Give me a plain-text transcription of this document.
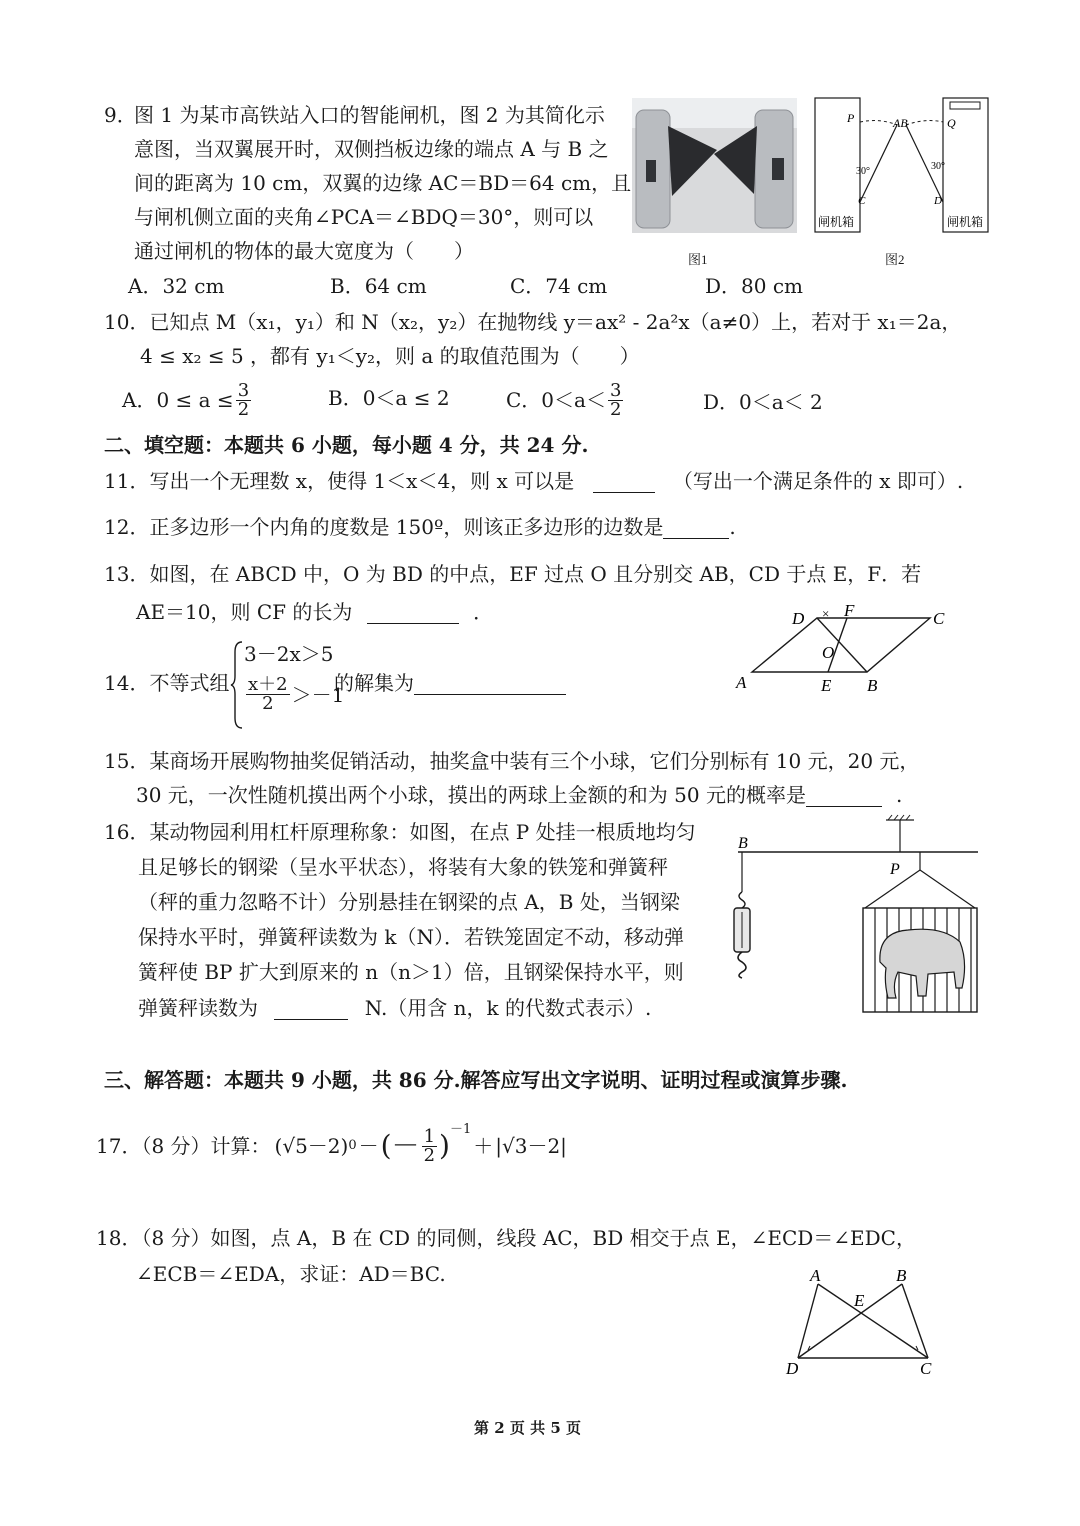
9．
图 1 为某市高铁站入口的智能闸机，图 2 为其简化示
意图，当双翼展开时，双侧挡板边缘的端点 A 与 B 之
间的距离为 10 cm，双翼的边缘 AC＝BD＝64 cm，且
与闸机侧立面的夹角∠PCA＝∠BDQ＝30°，则可以
通过闸机的物体的最大宽度为（　　）
A．32 cm	B．64 cm	C．74 cm	D．80 cm
图1
P	AB	Q
30°	30°
C	D
闸机箱	闸机箱
图2
10．已知点 M（x₁，y₁）和 N（x₂，y₂）在抛物线 y＝ax² - 2a²x（a≠0）上，若对于 x₁＝2a，
4 ≤ x₂ ≤ 5 ，都有 y₁＜y₂，则 a 的取值范围为（　　）
A．$0 \le a \le \frac{3}{2}$	B．0＜a ≤ 2	C．$0<a< \frac{3}{2}$	D．0＜a＜ 2
二、填空题：本题共 6 小题，每小题 4 分，共 24 分.
11．写出一个无理数 x，使得 1＜x＜4，则 x 可以是	（写出一个满足条件的 x 即可）.
12．正多边形一个内角的度数是 150º，则该正多边形的边数是	.
13．如图，在 ABCD 中，O 为 BD 的中点，EF 过点 O 且分别交 AB，CD 于点 E，F．若
AE＝10，则 CF 的长为	．	D × F	C
O
A	E B
14．不等式组
3－2x＞5
$\frac{x+2}{2} >-1$
的解集为
15．某商场开展购物抽奖促销活动，抽奖盒中装有三个小球，它们分别标有 10 元，20 元，
30 元，一次性随机摸出两个小球，摸出的两球上金额的和为 50 元的概率是	.
16．某动物园利用杠杆原理称象：如图，在点 P 处挂一根质地均匀
且足够长的钢梁（呈水平状态），将装有大象的铁笼和弹簧秤
（秤的重力忽略不计）分别悬挂在钢梁的点 A，B 处，当钢梁
保持水平时，弹簧秤读数为 k（N）．若铁笼固定不动，移动弹
簧秤使 BP 扩大到原来的 n（n＞1）倍，且钢梁保持水平，则
弹簧秤读数为	N.（用含 n，k 的代数式表示）.
B
P
三、解答题：本题共 9 小题，共 86 分.解答应写出文字说明、证明过程或演算步骤.
17．（8 分）计算： (√5－2) 0 － (－ $\frac{1}{2} )^{-1}$
＋ |√3－2|
18．（8 分）如图，点 A，B 在 CD 的同侧，线段 AC，BD 相交于点 E，∠ECD＝∠EDC，
∠ECB＝∠EDA，求证：AD＝BC.	A	B
E
D	C
第 2 页 共 5 页
